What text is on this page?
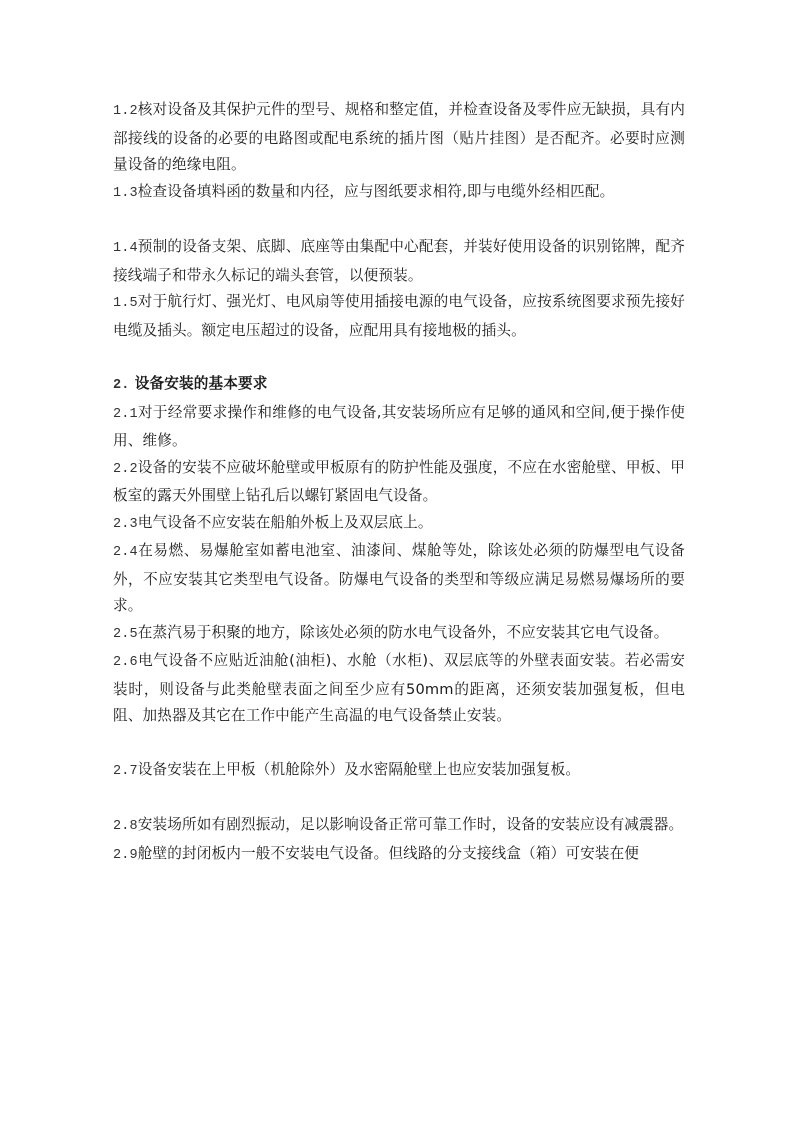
1.2核对设备及其保护元件的型号、规格和整定值，并检查设备及零件应无缺损，具有内部接线的设备的必要的电路图或配电系统的插片图（贴片挂图）是否配齐。必要时应测量设备的绝缘电阻。

1.3检查设备填料函的数量和内径，应与图纸要求相符,即与电缆外经相匹配。

1.4预制的设备支架、底脚、底座等由集配中心配套，并装好使用设备的识别铭牌，配齐接线端子和带永久标记的端头套管，以便预装。

1.5对于航行灯、强光灯、电风扇等使用插接电源的电气设备，应按系统图要求预先接好电缆及插头。额定电压超过的设备，应配用具有接地极的插头。

2. 设备安装的基本要求

2.1对于经常要求操作和维修的电气设备,其安装场所应有足够的通风和空间,便于操作使用、维修。

2.2设备的安装不应破坏舱壁或甲板原有的防护性能及强度，不应在水密舱壁、甲板、甲板室的露天外围壁上钻孔后以螺钉紧固电气设备。

2.3电气设备不应安装在船舶外板上及双层底上。

2.4在易燃、易爆舱室如蓄电池室、油漆间、煤舱等处，除该处必须的防爆型电气设备外，不应安装其它类型电气设备。防爆电气设备的类型和等级应满足易燃易爆场所的要求。

2.5在蒸汽易于积聚的地方，除该处必须的防水电气设备外，不应安装其它电气设备。

2.6电气设备不应贴近油舱(油柜)、水舱（水柜)、双层底等的外壁表面安装。若必需安装时，则设备与此类舱壁表面之间至少应有50mm的距离，还须安装加强复板，但电阻、加热器及其它在工作中能产生高温的电气设备禁止安装。

2.7设备安装在上甲板（机舱除外）及水密隔舱壁上也应安装加强复板。

2.8安装场所如有剧烈振动，足以影响设备正常可靠工作时，设备的安装应设有减震器。

2.9舱壁的封闭板内一般不安装电气设备。但线路的分支接线盒（箱）可安装在便
